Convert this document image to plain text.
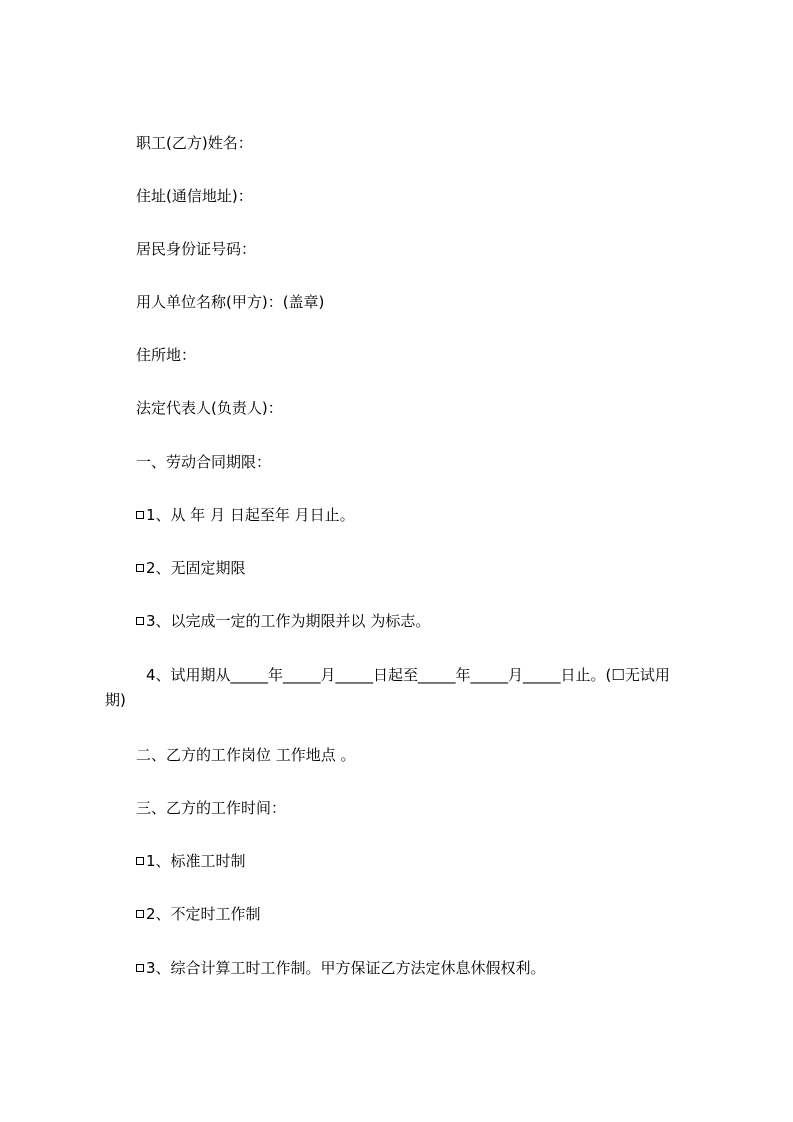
职工(乙方)姓名：
住址(通信地址)：
居民身份证号码：
用人单位名称(甲方)：(盖章)
住所地：
法定代表人(负责人)：
一、劳动合同期限：
1、从 年 月 日起至年 月日止。
2、无固定期限
3、以完成一定的工作为期限并以 为标志。
4、试用期从_____年_____月_____日起至_____年_____月_____日止。(☐无试用
期)
二、乙方的工作岗位 工作地点 。
三、乙方的工作时间：
1、标准工时制
2、不定时工作制
3、综合计算工时工作制。甲方保证乙方法定休息休假权利。
